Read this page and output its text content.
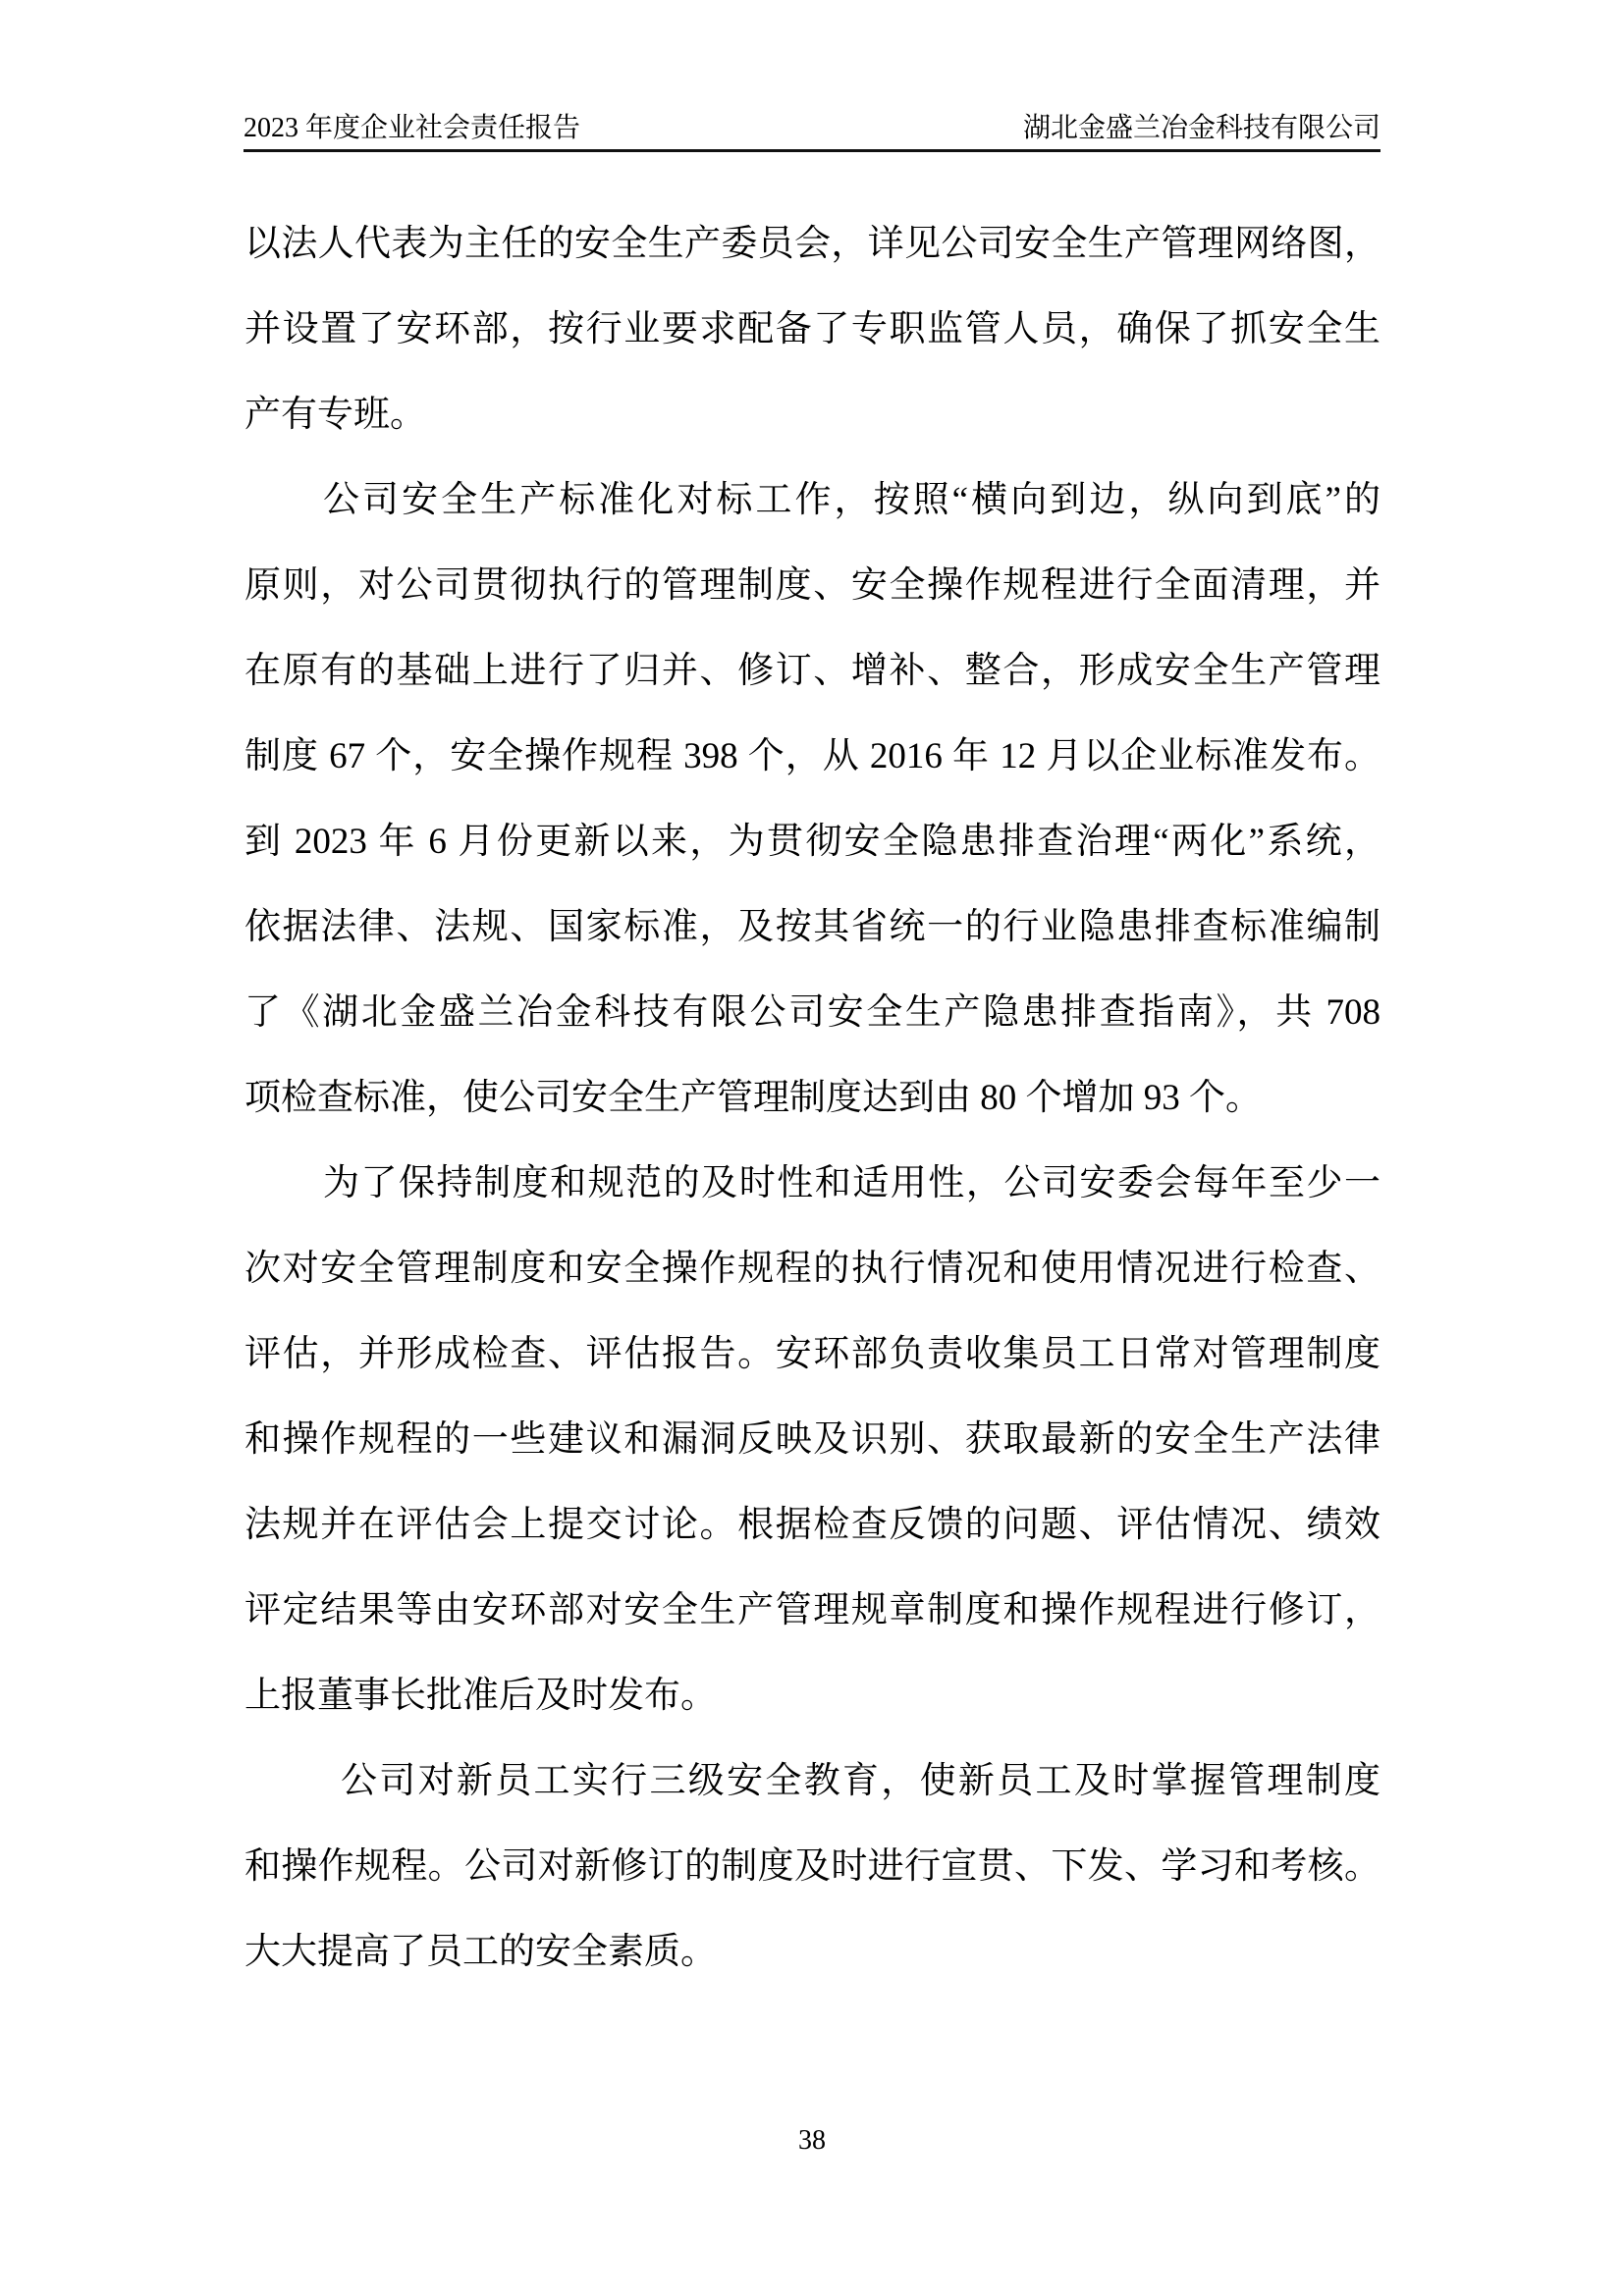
2023 年度企业社会责任报告	湖北金盛兰冶金科技有限公司
以法人代表为主任的安全生产委员会，详见公司安全生产管理网络图，
并设置了安环部，按行业要求配备了专职监管人员，确保了抓安全生
产有专班。
公司安全生产标准化对标工作，按照“横向到边，纵向到底”的
原则，对公司贯彻执行的管理制度、安全操作规程进行全面清理，并
在原有的基础上进行了归并、修订、增补、整合，形成安全生产管理
制度 67 个，安全操作规程 398 个，从 2016 年 12 月以企业标准发布。
到 2023 年 6 月份更新以来，为贯彻安全隐患排查治理“两化”系统，
依据法律、法规、国家标准，及按其省统一的行业隐患排查标准编制
了《湖北金盛兰冶金科技有限公司安全生产隐患排查指南》，共 708
项检查标准，使公司安全生产管理制度达到由 80 个增加 93 个。
为了保持制度和规范的及时性和适用性，公司安委会每年至少一
次对安全管理制度和安全操作规程的执行情况和使用情况进行检查、
评估，并形成检查、评估报告。安环部负责收集员工日常对管理制度
和操作规程的一些建议和漏洞反映及识别、获取最新的安全生产法律
法规并在评估会上提交讨论。根据检查反馈的问题、评估情况、绩效
评定结果等由安环部对安全生产管理规章制度和操作规程进行修订，
上报董事长批准后及时发布。
公司对新员工实行三级安全教育，使新员工及时掌握管理制度
和操作规程。公司对新修订的制度及时进行宣贯、下发、学习和考核。
大大提高了员工的安全素质。
38
